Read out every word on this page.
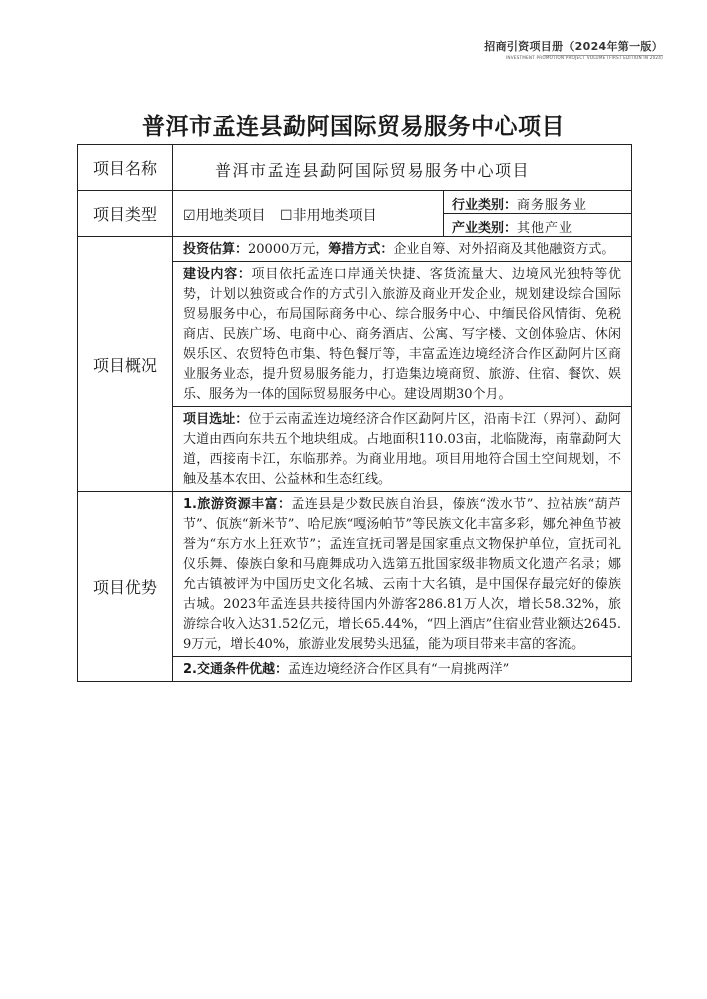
招商引资项目册（2024年第一版）
INVESTMENT PROMOTION PROJECT VOLUME (FIRST EDITION IN 2024)
普洱市孟连县勐阿国际贸易服务中心项目
项目名称	普洱市孟连县勐阿国际贸易服务中心项目

项目类型	☑用地类项目 ☐非用地类项目
行业类别：商务服务业
产业类别：其他产业

项目概况	投资估算：20000万元，筹措方式：企业自筹、对外招商及其他融资方式。
建设内容：项目依托孟连口岸通关快捷、客货流量大、边境风光独特等优势，计划以独资或合作的方式引入旅游及商业开发企业，规划建设综合国际贸易服务中心，布局国际商务中心、综合服务中心、中缅民俗风情街、免税商店、民族广场、电商中心、商务酒店、公寓、写字楼、文创体验店、休闲娱乐区、农贸特色市集、特色餐厅等，丰富孟连边境经济合作区勐阿片区商业服务业态，提升贸易服务能力，打造集边境商贸、旅游、住宿、餐饮、娱乐、服务为一体的国际贸易服务中心。建设周期30个月。
项目选址：位于云南孟连边境经济合作区勐阿片区，沿南卡江（界河）、勐阿大道由西向东共五个地块组成。占地面积110.03亩，北临陇海，南靠勐阿大道，西接南卡江，东临那养。为商业用地。项目用地符合国土空间规划，不触及基本农田、公益林和生态红线。

项目优势	1.旅游资源丰富：孟连县是少数民族自治县，傣族“泼水节”、拉祜族“葫芦节”、佤族“新米节”、哈尼族“嘎汤帕节”等民族文化丰富多彩，娜允神鱼节被誉为“东方水上狂欢节”；孟连宣抚司署是国家重点文物保护单位，宣抚司礼仪乐舞、傣族白象和马鹿舞成功入选第五批国家级非物质文化遗产名录；娜允古镇被评为中国历史文化名城、云南十大名镇，是中国保存最完好的傣族古城。2023年孟连县共接待国内外游客286.81万人次，增长58.32%，旅游综合收入达31.52亿元，增长65.44%，“四上酒店”住宿业营业额达2645.9万元，增长40%，旅游业发展势头迅猛，能为项目带来丰富的客流。
2.交通条件优越：孟连边境经济合作区具有“一肩挑两洋”
